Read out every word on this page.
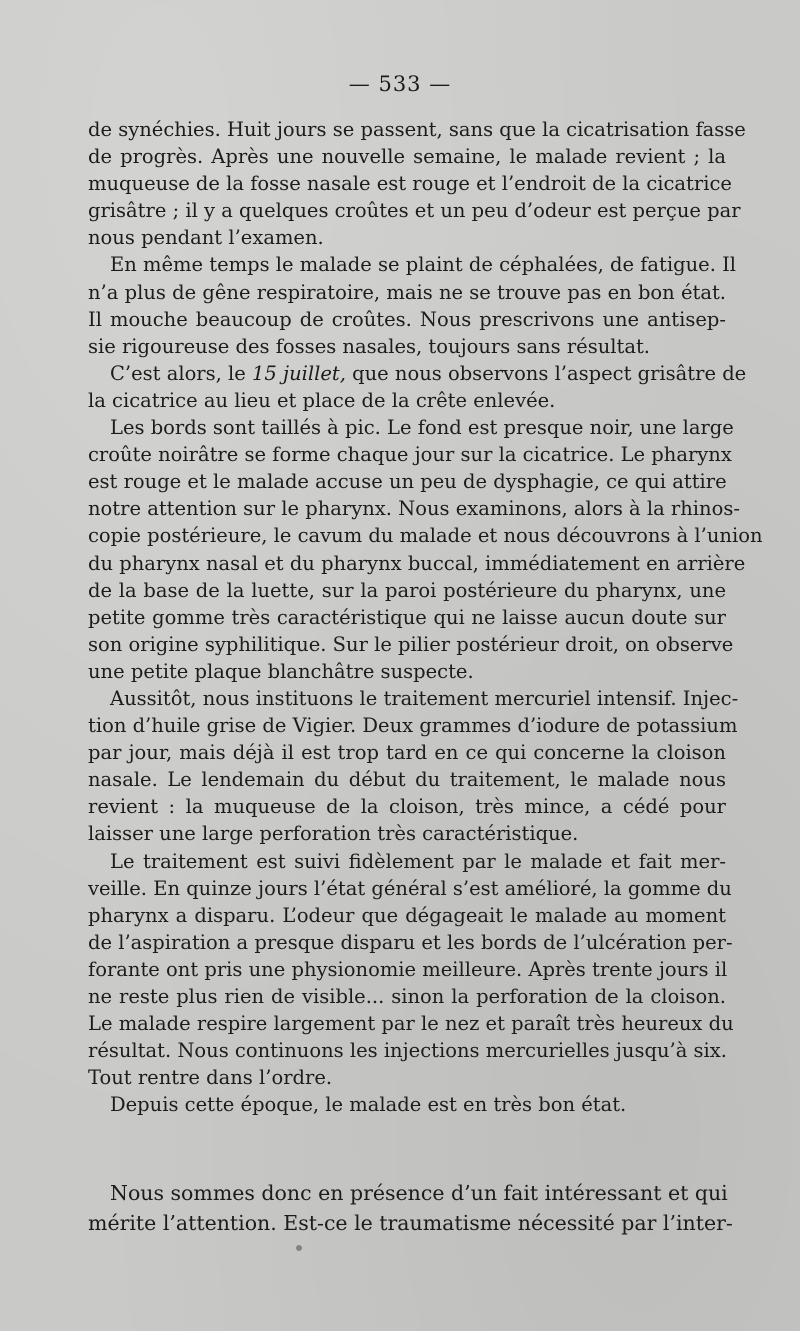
— 533 —
de synéchies. Huit jours se passent, sans que la cicatrisation fasse
de progrès. Après une nouvelle semaine, le malade revient ; la
muqueuse de la fosse nasale est rouge et l’endroit de la cicatrice
grisâtre ; il y a quelques croûtes et un peu d’odeur est perçue par
nous pendant l’examen.
En même temps le malade se plaint de céphalées, de fatigue. Il
n’a plus de gêne respiratoire, mais ne se trouve pas en bon état.
Il mouche beaucoup de croûtes. Nous prescrivons une antisep-
sie rigoureuse des fosses nasales, toujours sans résultat.
C’est alors, le 15 juillet, que nous observons l’aspect grisâtre de
la cicatrice au lieu et place de la crête enlevée.
Les bords sont taillés à pic. Le fond est presque noir, une large
croûte noirâtre se forme chaque jour sur la cicatrice. Le pharynx
est rouge et le malade accuse un peu de dysphagie, ce qui attire
notre attention sur le pharynx. Nous examinons, alors à la rhinos-
copie postérieure, le cavum du malade et nous découvrons à l’union
du pharynx nasal et du pharynx buccal, immédiatement en arrière
de la base de la luette, sur la paroi postérieure du pharynx, une
petite gomme très caractéristique qui ne laisse aucun doute sur
son origine syphilitique. Sur le pilier postérieur droit, on observe
une petite plaque blanchâtre suspecte.
Aussitôt, nous instituons le traitement mercuriel intensif. Injec-
tion d’huile grise de Vigier. Deux grammes d’iodure de potassium
par jour, mais déjà il est trop tard en ce qui concerne la cloison
nasale. Le lendemain du début du traitement, le malade nous
revient : la muqueuse de la cloison, très mince, a cédé pour
laisser une large perforation très caractéristique.
Le traitement est suivi fidèlement par le malade et fait mer-
veille. En quinze jours l’état général s’est amélioré, la gomme du
pharynx a disparu. L’odeur que dégageait le malade au moment
de l’aspiration a presque disparu et les bords de l’ulcération per-
forante ont pris une physionomie meilleure. Après trente jours il
ne reste plus rien de visible... sinon la perforation de la cloison.
Le malade respire largement par le nez et paraît très heureux du
résultat. Nous continuons les injections mercurielles jusqu’à six.
Tout rentre dans l’ordre.
Depuis cette époque, le malade est en très bon état.
Nous sommes donc en présence d’un fait intéressant et qui
mérite l’attention. Est-ce le traumatisme nécessité par l’inter-
